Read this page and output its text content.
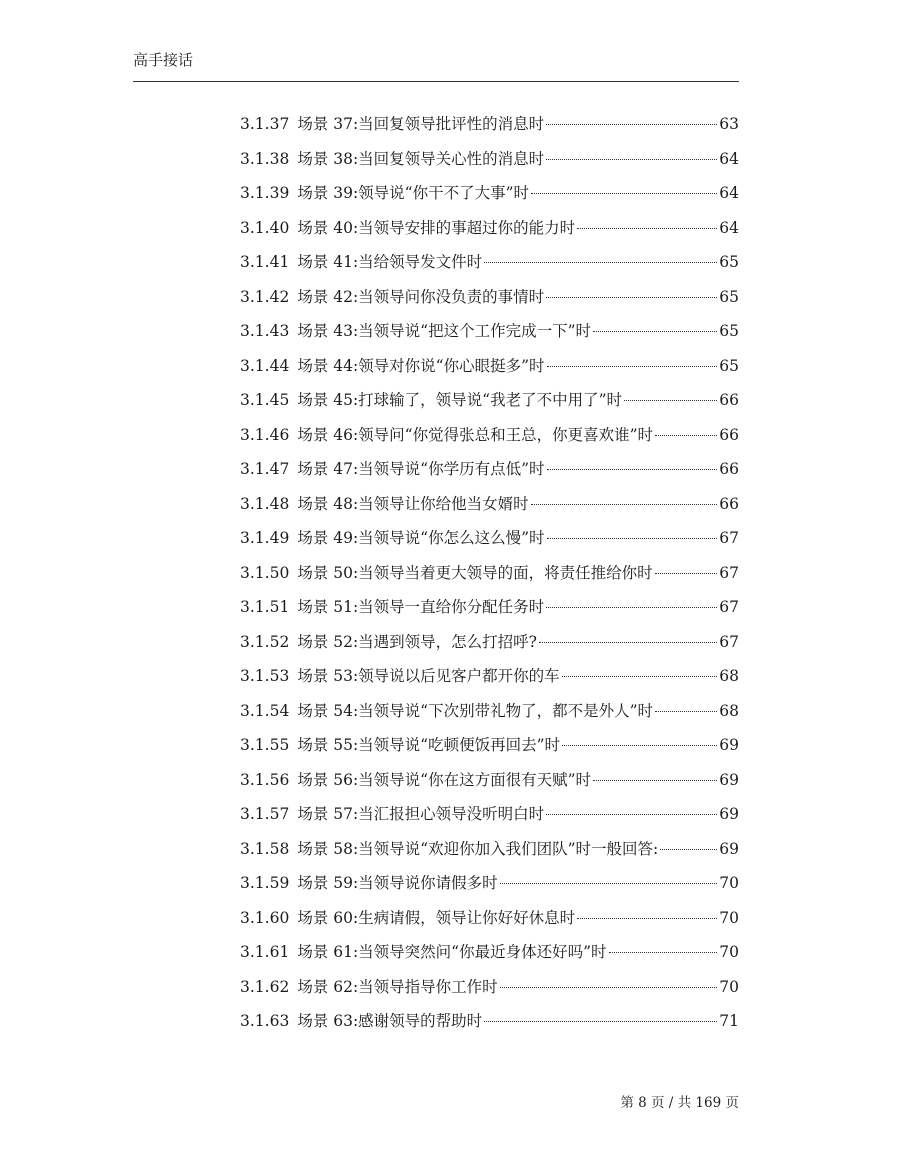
高手接话
3.1.37 场景 37:当回复领导批评性的消息时	63
3.1.38 场景 38:当回复领导关心性的消息时	64
3.1.39 场景 39:领导说“你干不了大事”时	64
3.1.40 场景 40:当领导安排的事超过你的能力时	64
3.1.41 场景 41:当给领导发文件时	65
3.1.42 场景 42:当领导问你没负责的事情时	65
3.1.43 场景 43:当领导说“把这个工作完成一下”时	65
3.1.44 场景 44:领导对你说“你心眼挺多”时	65
3.1.45 场景 45:打球输了，领导说“我老了不中用了”时	66
3.1.46 场景 46:领导问“你觉得张总和王总，你更喜欢谁”时	66
3.1.47 场景 47:当领导说“你学历有点低”时	66
3.1.48 场景 48:当领导让你给他当女婿时	66
3.1.49 场景 49:当领导说“你怎么这么慢”时	67
3.1.50 场景 50:当领导当着更大领导的面，将责任推给你时	67
3.1.51 场景 51:当领导一直给你分配任务时	67
3.1.52 场景 52:当遇到领导，怎么打招呼?	67
3.1.53 场景 53:领导说以后见客户都开你的车	68
3.1.54 场景 54:当领导说“下次别带礼物了，都不是外人”时	68
3.1.55 场景 55:当领导说“吃顿便饭再回去”时	69
3.1.56 场景 56:当领导说“你在这方面很有天赋”时	69
3.1.57 场景 57:当汇报担心领导没听明白时	69
3.1.58 场景 58:当领导说“欢迎你加入我们团队”时一般回答:	69
3.1.59 场景 59:当领导说你请假多时	70
3.1.60 场景 60:生病请假，领导让你好好休息时	70
3.1.61 场景 61:当领导突然问“你最近身体还好吗”时	70
3.1.62 场景 62:当领导指导你工作时	70
3.1.63 场景 63:感谢领导的帮助时	71
第 8 页 / 共 169 页
